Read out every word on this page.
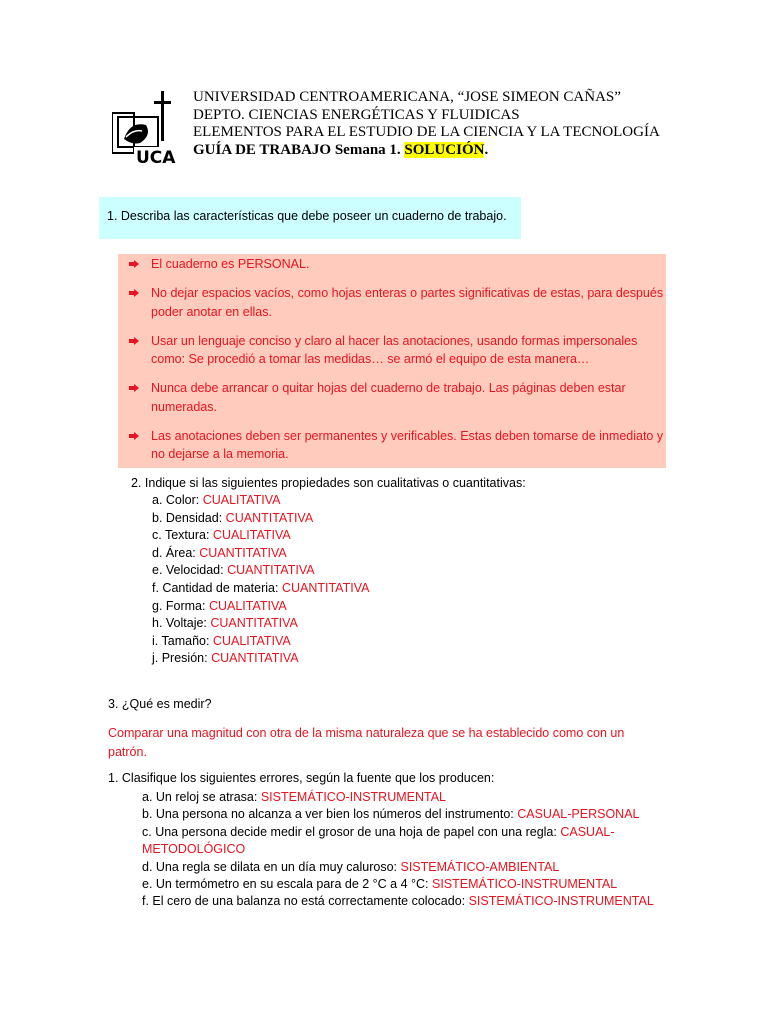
UCA
UNIVERSIDAD CENTROAMERICANA, “JOSE SIMEON CAÑAS”
DEPTO. CIENCIAS ENERGÉTICAS Y FLUIDICAS
ELEMENTOS PARA EL ESTUDIO DE LA CIENCIA Y LA TECNOLOGÍA
GUÍA DE TRABAJO Semana 1. SOLUCIÓN.
1. Describa las características que debe poseer un cuaderno de trabajo.
El cuaderno es PERSONAL.
No dejar espacios vacíos, como hojas enteras o partes significativas de estas, para después poder anotar en ellas.
Usar un lenguaje conciso y claro al hacer las anotaciones, usando formas impersonales como: Se procedió a tomar las medidas… se armó el equipo de esta manera…
Nunca debe arrancar o quitar hojas del cuaderno de trabajo. Las páginas deben estar numeradas.
Las anotaciones deben ser permanentes y verificables. Estas deben tomarse de inmediato y no dejarse a la memoria.
2. Indique si las siguientes propiedades son cualitativas o cuantitativas:
a. Color: CUALITATIVA
b. Densidad: CUANTITATIVA
c. Textura: CUALITATIVA
d. Área: CUANTITATIVA
e. Velocidad: CUANTITATIVA
f. Cantidad de materia: CUANTITATIVA
g. Forma: CUALITATIVA
h. Voltaje: CUANTITATIVA
i. Tamaño: CUALITATIVA
j. Presión: CUANTITATIVA
3. ¿Qué es medir?
Comparar una magnitud con otra de la misma naturaleza que se ha establecido como con un patrón.
1. Clasifique los siguientes errores, según la fuente que los producen:
a. Un reloj se atrasa: SISTEMÁTICO-INSTRUMENTAL
b. Una persona no alcanza a ver bien los números del instrumento: CASUAL-PERSONAL
c. Una persona decide medir el grosor de una hoja de papel con una regla: CASUAL-METODOLÓGICO
d. Una regla se dilata en un día muy caluroso: SISTEMÁTICO-AMBIENTAL
e. Un termómetro en su escala para de 2 °C a 4 °C: SISTEMÁTICO-INSTRUMENTAL
f. El cero de una balanza no está correctamente colocado: SISTEMÁTICO-INSTRUMENTAL
